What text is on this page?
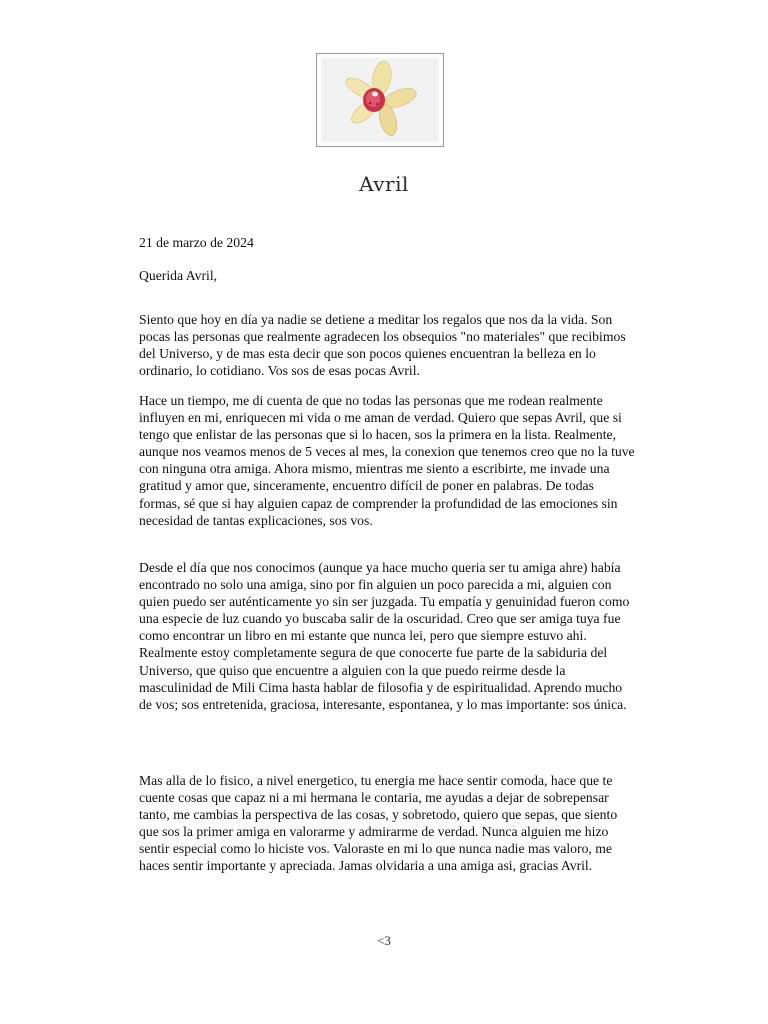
Avril
21 de marzo de 2024
Querida Avril,

Siento que hoy en día ya nadie se detiene a meditar los regalos que nos da la vida. Son pocas las personas que realmente agradecen los obsequios "no materiales" que recibimos del Universo, y de mas esta decir que son pocos quienes encuentran la belleza en lo ordinario, lo cotidiano. Vos sos de esas pocas Avril.

Hace un tiempo, me di cuenta de que no todas las personas que me rodean realmente influyen en mi, enriquecen mi vida o me aman de verdad. Quiero que sepas Avril, que si tengo que enlistar de las personas que si lo hacen, sos la primera en la lista. Realmente, aunque nos veamos menos de 5 veces al mes, la conexion que tenemos creo que no la tuve con ninguna otra amiga. Ahora mismo, mientras me siento a escribirte, me invade una gratitud y amor que, sinceramente, encuentro difícil de poner en palabras. De todas formas, sé que si hay alguien capaz de comprender la profundidad de las emociones sin necesidad de tantas explicaciones, sos vos.

Desde el día que nos conocimos (aunque ya hace mucho queria ser tu amiga ahre) había encontrado no solo una amiga, sino por fin alguien un poco parecida a mi, alguien con quien puedo ser auténticamente yo sin ser juzgada. Tu empatía y genuinidad fueron como una especie de luz cuando yo buscaba salir de la oscuridad. Creo que ser amiga tuya fue como encontrar un libro en mi estante que nunca lei, pero que siempre estuvo ahi. Realmente estoy completamente segura de que conocerte fue parte de la sabiduria del Universo, que quiso que encuentre a alguien con la que puedo reirme desde la masculinidad de Mili Cima hasta hablar de filosofia y de espiritualidad. Aprendo mucho de vos; sos entretenida, graciosa, interesante, espontanea, y lo mas importante: sos única.

Mas alla de lo fisico, a nivel energetico, tu energia me hace sentir comoda, hace que te cuente cosas que capaz ni a mi hermana le contaria, me ayudas a dejar de sobrepensar tanto, me cambias la perspectiva de las cosas, y sobretodo, quiero que sepas, que siento que sos la primer amiga en valorarme y admirarme de verdad. Nunca alguien me hizo sentir especial como lo hiciste vos. Valoraste en mi lo que nunca nadie mas valoro, me haces sentir importante y apreciada. Jamas olvidaria a una amiga asi, gracias Avril.

<3
